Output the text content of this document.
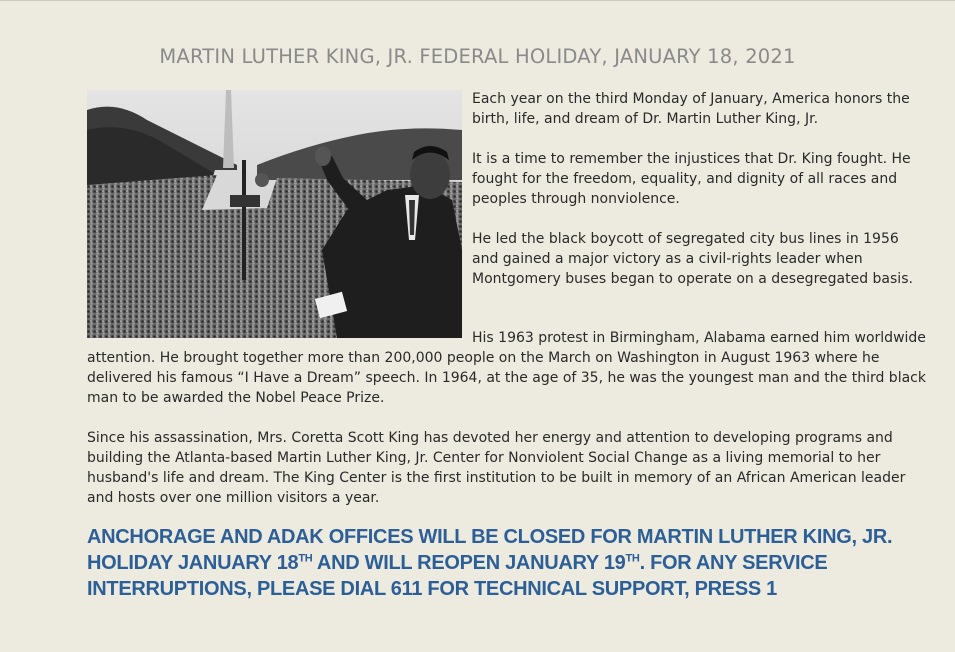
MARTIN LUTHER KING, JR. FEDERAL HOLIDAY, JANUARY 18, 2021

Each year on the third Monday of January, America honors the birth, life, and dream of Dr. Martin Luther King, Jr.

It is a time to remember the injustices that Dr. King fought. He fought for the freedom, equality, and dignity of all races and peoples through nonviolence.

He led the black boycott of segregated city bus lines in 1956 and gained a major victory as a civil-rights leader when Montgomery buses began to operate on a desegregated basis.

His 1963 protest in Birmingham, Alabama earned him worldwide attention. He brought together more than 200,000 people on the March on Washington in August 1963 where he delivered his famous “I Have a Dream” speech. In 1964, at the age of 35, he was the youngest man and the third black man to be awarded the Nobel Peace Prize.

Since his assassination, Mrs. Coretta Scott King has devoted her energy and attention to developing programs and building the Atlanta-based Martin Luther King, Jr. Center for Nonviolent Social Change as a living memorial to her husband's life and dream. The King Center is the first institution to be built in memory of an African American leader and hosts over one million visitors a year.

ANCHORAGE AND ADAK OFFICES WILL BE CLOSED FOR MARTIN LUTHER KING, JR. HOLIDAY JANUARY 18TH AND WILL REOPEN JANUARY 19TH. FOR ANY SERVICE INTERRUPTIONS, PLEASE DIAL 611 FOR TECHNICAL SUPPORT, PRESS 1
